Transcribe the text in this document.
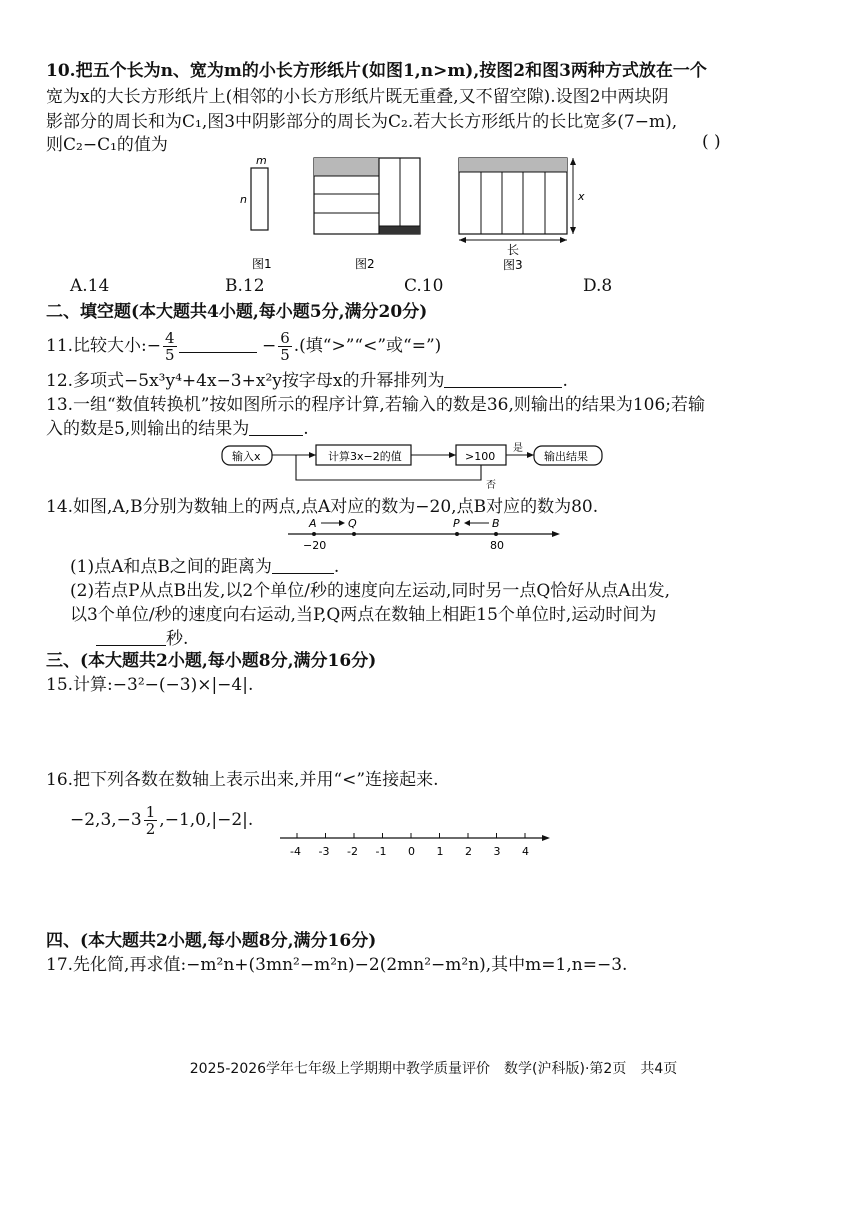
10.把五个长为n、宽为m的小长方形纸片(如图1,n>m),按图2和图3两种方式放在一个
宽为x的大长方形纸片上(相邻的小长方形纸片既无重叠,又不留空隙).设图2中两块阴
影部分的周长和为C₁,图3中阴影部分的周长为C₂.若大长方形纸片的长比宽多(7−m),
则C₂−C₁的值为	( )
m
n
图1	图2
x
长
图3
A.14	B.12	C.10	D.8
二、填空题(本大题共4小题,每小题5分,满分20分)
11.比较大小:− $\frac{4}{5}$	− $\frac{6}{5}$ .(填“>”“<”或“=”)
12.多项式−5x³y⁴+4x−3+x²y按字母x的升幂排列为	.
13.一组“数值转换机”按如图所示的程序计算,若输入的数是36,则输出的结果为106;若输
入的数是5,则输出的结果为	.
输入x	计算3x−2的值	>100
是
输出结果
否
14.如图,A,B分别为数轴上的两点,点A对应的数为−20,点B对应的数为80.
A	Q	P	B
−20	80
(1)点A和点B之间的距离为	.
(2)若点P从点B出发,以2个单位/秒的速度向左运动,同时另一点Q恰好从点A出发,
以3个单位/秒的速度向右运动,当P,Q两点在数轴上相距15个单位时,运动时间为
秒.
三、(本大题共2小题,每小题8分,满分16分)
15.计算:−3²−(−3)×|−4|.
16.把下列各数在数轴上表示出来,并用“<”连接起来.
$-2,3,-3 \frac{1}{2} ,-1,0,|-2|$.
-4 -3 -2 -1 0 1 2 3 4
四、(本大题共2小题,每小题8分,满分16分)
17.先化简,再求值:−m²n+(3mn²−m²n)−2(2mn²−m²n),其中m=1,n=−3.
2025-2026学年七年级上学期期中教学质量评价　数学(沪科版)·第2页　共4页
